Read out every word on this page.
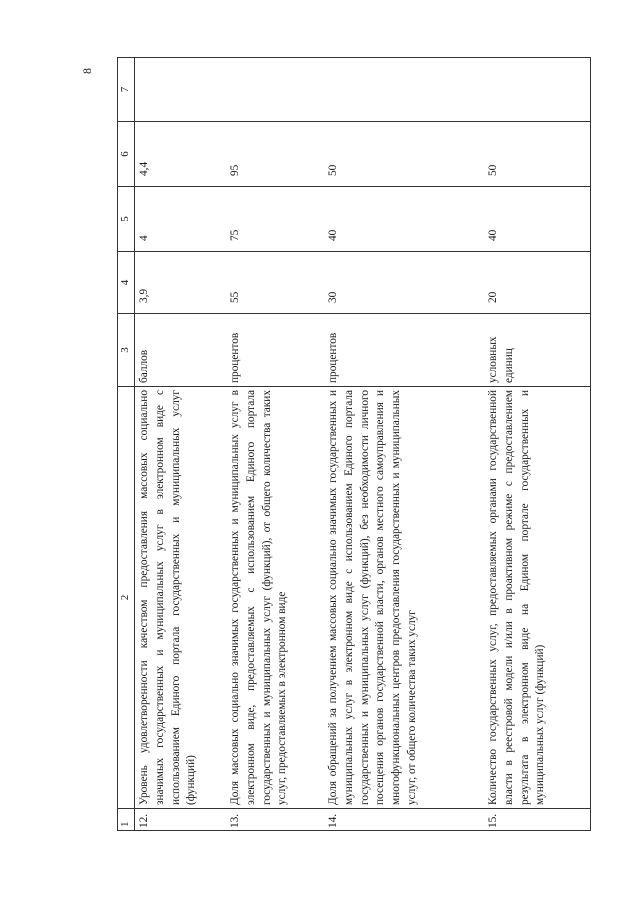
8
1	2	3	4	5	6	7
12.	Уровень удовлетворенности качеством предоставления массовых социально значимых государственных и муниципальных услуг в электронном виде с использованием Единого портала государственных и муниципальных услуг (функций)	баллов	3,9	4	4,4	
13.	Доля массовых социально значимых государственных и муниципальных услуг в электронном виде, предоставляемых с использованием Единого портала государственных и муниципальных услуг (функций), от общего количества таких услуг, предоставляемых в электронном виде	процентов	55	75	95	
14.	Доля обращений за получением массовых социально значимых государственных и муниципальных услуг в электронном виде с использованием Единого портала государственных и муниципальных услуг (функций), без необходимости личного посещения органов государственной власти, органов местного самоуправления и многофункциональных центров предоставления государственных и муниципальных услуг, от общего количества таких услуг	процентов	30	40	50	
15.	Количество государственных услуг, предоставляемых органами государственной власти в реестровой модели и/или в проактивном режиме с предоставлением результата в электронном виде на Едином портале государственных и муниципальных услуг (функций)	условных единиц	20	40	50	
